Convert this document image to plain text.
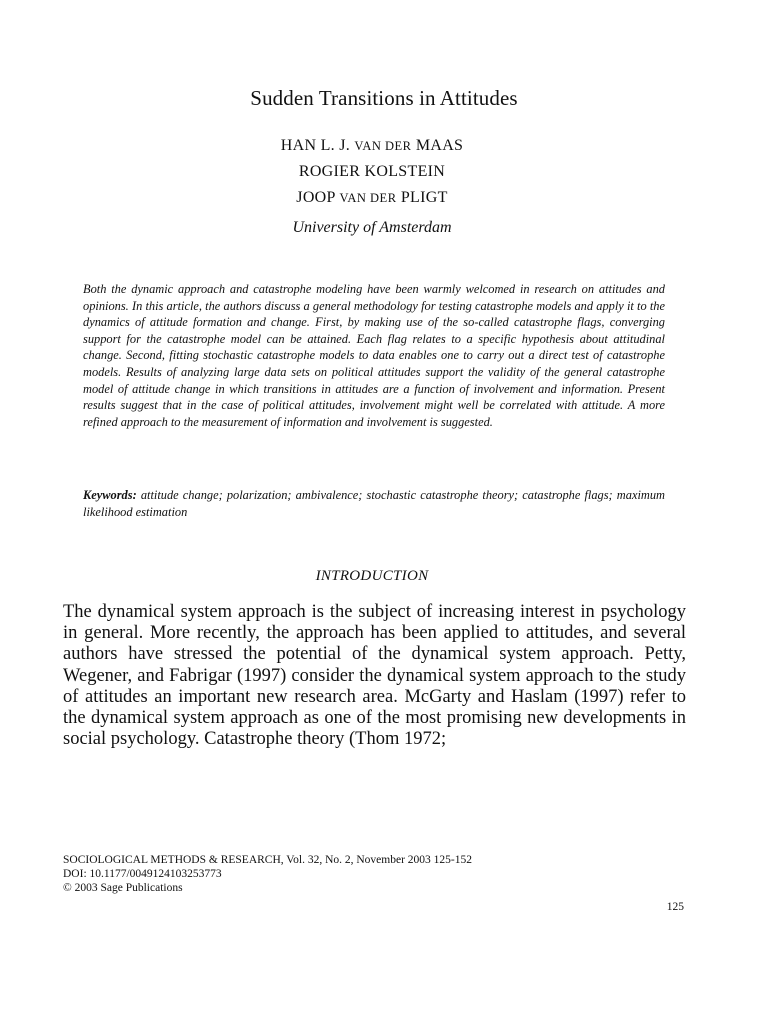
Sudden Transitions in Attitudes
HAN L. J. VAN DER MAAS
ROGIER KOLSTEIN
JOOP VAN DER PLIGT
University of Amsterdam

Both the dynamic approach and catastrophe modeling have been warmly welcomed in research on attitudes and opinions. In this article, the authors discuss a general methodology for testing catastrophe models and apply it to the dynamics of attitude formation and change. First, by making use of the so-called catastrophe flags, converging support for the catastrophe model can be attained. Each flag relates to a specific hypothesis about attitudinal change. Second, fitting stochastic catastrophe models to data enables one to carry out a direct test of catastrophe models. Results of analyzing large data sets on political attitudes support the validity of the general catastrophe model of attitude change in which transitions in attitudes are a function of involvement and information. Present results suggest that in the case of political attitudes, involvement might well be correlated with attitude. A more refined approach to the measurement of information and involvement is suggested.

Keywords: attitude change; polarization; ambivalence; stochastic catastrophe theory; catastrophe flags; maximum likelihood estimation

INTRODUCTION

The dynamical system approach is the subject of increasing interest in psychology in general. More recently, the approach has been applied to attitudes, and several authors have stressed the potential of the dynamical system approach. Petty, Wegener, and Fabrigar (1997) consider the dynamical system approach to the study of attitudes an important new research area. McGarty and Haslam (1997) refer to the dynamical system approach as one of the most promising new developments in social psychology. Catastrophe theory (Thom 1972;

SOCIOLOGICAL METHODS & RESEARCH, Vol. 32, No. 2, November 2003 125-152
DOI: 10.1177/0049124103253773
© 2003 Sage Publications
125
